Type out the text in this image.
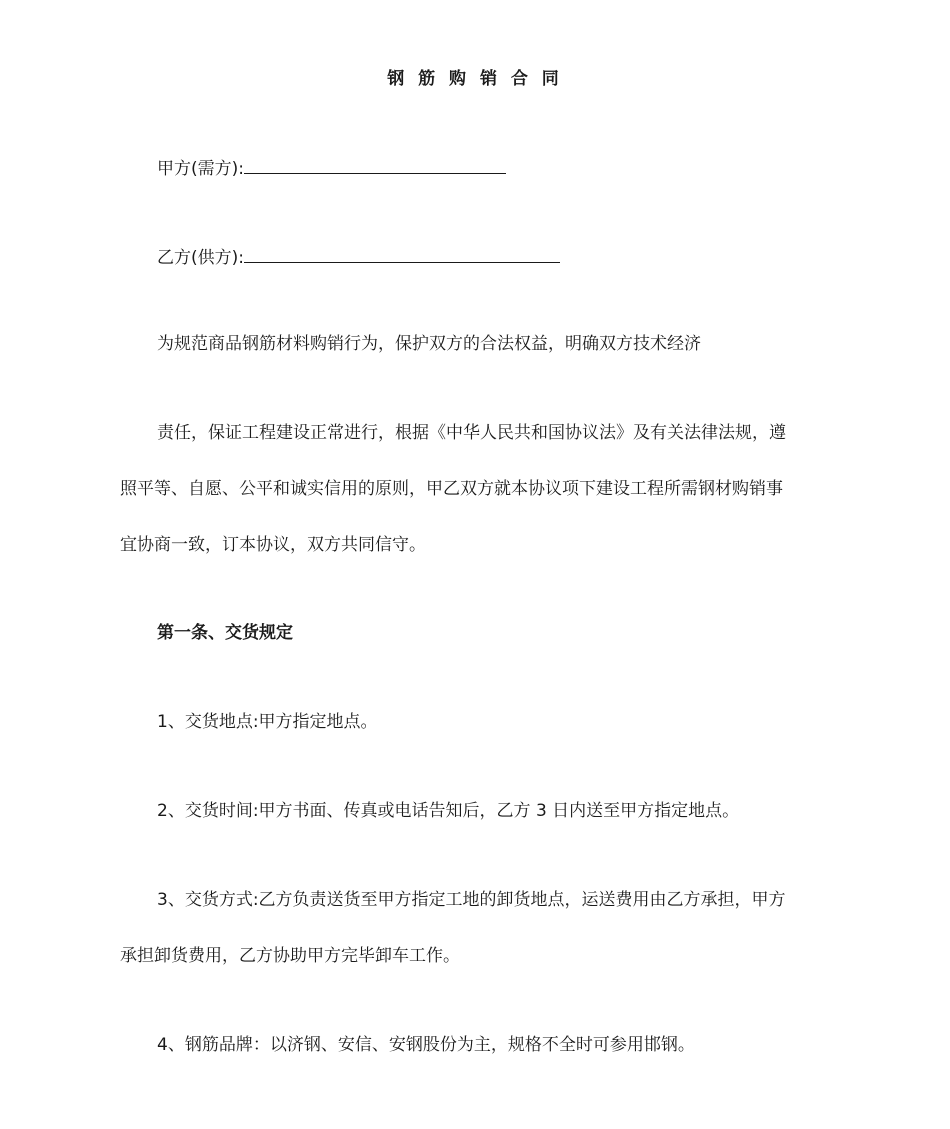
钢 筋 购 销 合 同
甲方(需方):
乙方(供方):
为规范商品钢筋材料购销行为，保护双方的合法权益，明确双方技术经济
责任，保证工程建设正常进行，根据《中华人民共和国协议法》及有关法律法规，遵
照平等、自愿、公平和诚实信用的原则，甲乙双方就本协议项下建设工程所需钢材购销事
宜协商一致，订本协议，双方共同信守。
第一条、交货规定
1、交货地点:甲方指定地点。
2、交货时间:甲方书面、传真或电话告知后，乙方 3 日内送至甲方指定地点。
3、交货方式:乙方负责送货至甲方指定工地的卸货地点，运送费用由乙方承担，甲方
承担卸货费用，乙方协助甲方完毕卸车工作。
4、钢筋品牌：以济钢、安信、安钢股份为主，规格不全时可参用邯钢。
